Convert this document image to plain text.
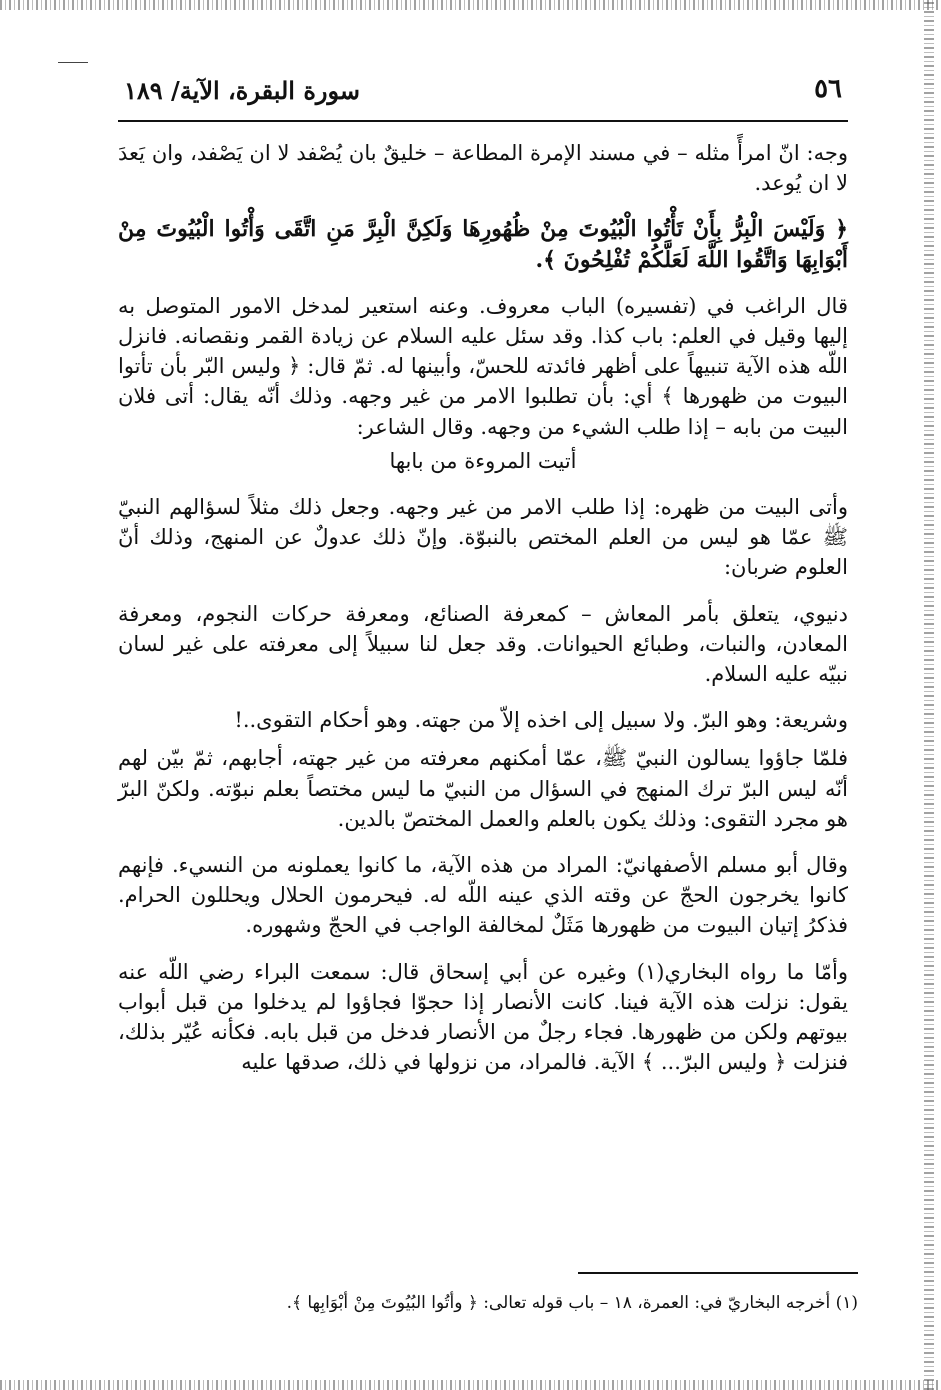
٥٦
سورة البقرة، الآية/ ١٨٩

وجه: انّ امرأً مثله – في مسند الإمرة المطاعة – خليقٌ بان يُصْفد لا ان يَصْفد، وان يَعدَ لا ان يُوعد.

﴿ وَلَيْسَ الْبِرُّ بِأَنْ تَأْتُوا الْبُيُوتَ مِنْ ظُهُورِهَا وَلَكِنَّ الْبِرَّ مَنِ اتَّقَى وَأْتُوا الْبُيُوتَ مِنْ أَبْوَابِهَا وَاتَّقُوا اللَّهَ لَعَلَّكُمْ تُفْلِحُونَ ﴾.

قال الراغب في (تفسيره) الباب معروف. وعنه استعير لمدخل الامور المتوصل به إليها وقيل في العلم: باب كذا. وقد سئل عليه السلام عن زيادة القمر ونقصانه. فانزل اللّه هذه الآية تنبيهاً على أظهر فائدته للحسّ، وأبينها له. ثمّ قال: ﴿ وليس البّر بأن تأتوا البيوت من ظهورها ﴾ أي: بأن تطلبوا الامر من غير وجهه. وذلك أنّه يقال: أتى فلان البيت من بابه – إذا طلب الشيء من وجهه. وقال الشاعر:

أتيت المروءة من بابها

وأتى البيت من ظهره: إذا طلب الامر من غير وجهه. وجعل ذلك مثلاً لسؤالهم النبيّ ﷺ عمّا هو ليس من العلم المختص بالنبوّة. وإنّ ذلك عدولٌ عن المنهج، وذلك أنّ العلوم ضربان:

دنيوي، يتعلق بأمر المعاش – كمعرفة الصنائع، ومعرفة حركات النجوم، ومعرفة المعادن، والنبات، وطبائع الحيوانات. وقد جعل لنا سبيلاً إلى معرفته على غير لسان نبيّه عليه السلام.

وشريعة: وهو البرّ. ولا سبيل إلى اخذه إلاّ من جهته. وهو أحكام التقوى..!

فلمّا جاؤوا يسالون النبيّ ﷺ، عمّا أمكنهم معرفته من غير جهته، أجابهم، ثمّ بيّن لهم أنّه ليس البرّ ترك المنهج في السؤال من النبيّ ما ليس مختصاً بعلم نبوّته. ولكنّ البرّ هو مجرد التقوى: وذلك يكون بالعلم والعمل المختصّ بالدين.

وقال أبو مسلم الأصفهانيّ: المراد من هذه الآية، ما كانوا يعملونه من النسيء. فإنهم كانوا يخرجون الحجّ عن وقته الذي عينه اللّه له. فيحرمون الحلال ويحللون الحرام. فذكرُ إتيان البيوت من ظهورها مَثَلٌ لمخالفة الواجب في الحجّ وشهوره.

وأمّا ما رواه البخاري(١) وغيره عن أبي إسحاق قال: سمعت البراء رضي اللّه عنه يقول: نزلت هذه الآية فينا. كانت الأنصار إذا حجوّا فجاؤوا لم يدخلوا من قبل أبواب بيوتهم ولكن من ظهورها. فجاء رجلٌ من الأنصار فدخل من قبل بابه. فكأنه عُيّر بذلك، فنزلت ﴿ وليس البرّ... ﴾ الآية. فالمراد، من نزولها في ذلك، صدقها عليه

(١) أخرجه البخاريّ في: العمرة، ١٨ – باب قوله تعالى: ﴿ وأتُوا البُيُوتَ مِنْ أبْوَابِها ﴾.
